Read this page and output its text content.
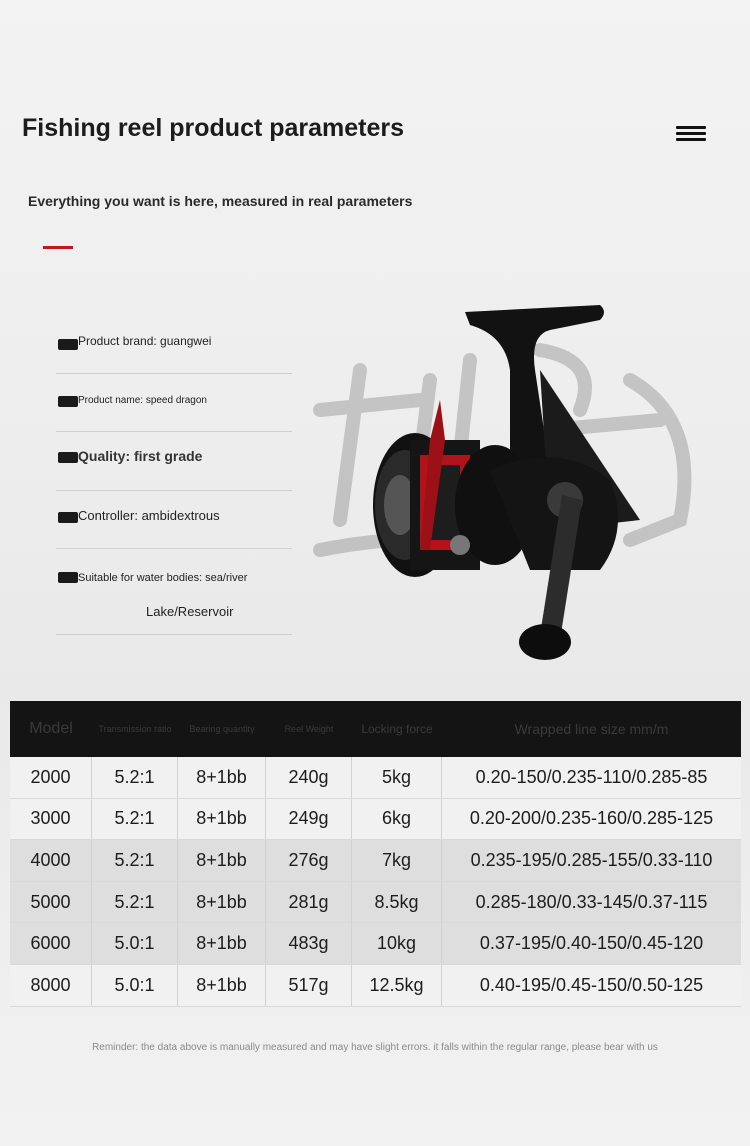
Fishing reel product parameters
Everything you want is here, measured in real parameters
Product brand: guangwei
Product name: speed dragon
Quality: first grade
Controller: ambidextrous
Suitable for water bodies: sea/river
Lake/Reservoir
Model	Transmission ratio	Bearing quantity	Reel Weight	Locking force	Wrapped line size mm/m
2000	5.2:1	8+1bb	240g	5kg	0.20-150/0.235-110/0.285-85
3000	5.2:1	8+1bb	249g	6kg	0.20-200/0.235-160/0.285-125
4000	5.2:1	8+1bb	276g	7kg	0.235-195/0.285-155/0.33-110
5000	5.2:1	8+1bb	281g	8.5kg	0.285-180/0.33-145/0.37-115
6000	5.0:1	8+1bb	483g	10kg	0.37-195/0.40-150/0.45-120
8000	5.0:1	8+1bb	517g	12.5kg	0.40-195/0.45-150/0.50-125
Reminder: the data above is manually measured and may have slight errors. it falls within the regular range, please bear with us
